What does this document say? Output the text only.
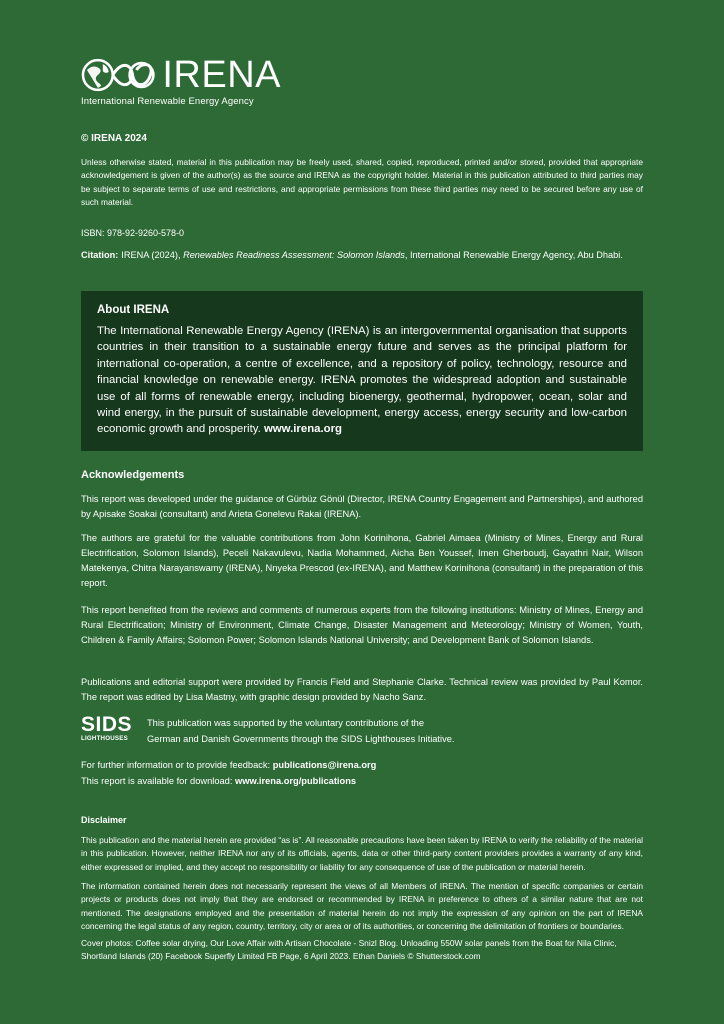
IRENA
International Renewable Energy Agency
© IRENA 2024

Unless otherwise stated, material in this publication may be freely used, shared, copied, reproduced, printed and/or stored, provided that appropriate acknowledgement is given of the author(s) as the source and IRENA as the copyright holder. Material in this publication attributed to third parties may be subject to separate terms of use and restrictions, and appropriate permissions from these third parties may need to be secured before any use of such material.

ISBN: 978-92-9260-578-0
Citation: IRENA (2024), Renewables Readiness Assessment: Solomon Islands, International Renewable Energy Agency, Abu Dhabi.
About IRENA

The International Renewable Energy Agency (IRENA) is an intergovernmental organisation that supports countries in their transition to a sustainable energy future and serves as the principal platform for international co-operation, a centre of excellence, and a repository of policy, technology, resource and financial knowledge on renewable energy. IRENA promotes the widespread adoption and sustainable use of all forms of renewable energy, including bioenergy, geothermal, hydropower, ocean, solar and wind energy, in the pursuit of sustainable development, energy access, energy security and low-carbon economic growth and prosperity. www.irena.org

Acknowledgements

This report was developed under the guidance of Gürbüz Gönül (Director, IRENA Country Engagement and Partnerships), and authored by Apisake Soakai (consultant) and Arieta Gonelevu Rakai (IRENA).

The authors are grateful for the valuable contributions from John Korinihona, Gabriel Aimaea (Ministry of Mines, Energy and Rural Electrification, Solomon Islands), Peceli Nakavulevu, Nadia Mohammed, Aicha Ben Youssef, Imen Gherboudj, Gayathri Nair, Wilson Matekenya, Chitra Narayanswamy (IRENA), Nnyeka Prescod (ex-IRENA), and Matthew Korinihona (consultant) in the preparation of this report.

This report benefited from the reviews and comments of numerous experts from the following institutions: Ministry of Mines, Energy and Rural Electrification; Ministry of Environment, Climate Change, Disaster Management and Meteorology; Ministry of Women, Youth, Children & Family Affairs; Solomon Power; Solomon Islands National University; and Development Bank of Solomon Islands.

Publications and editorial support were provided by Francis Field and Stephanie Clarke. Technical review was provided by Paul Komor. The report was edited by Lisa Mastny, with graphic design provided by Nacho Sanz.

SIDS
LIGHTHOUSES
This publication was supported by the voluntary contributions of the
German and Danish Governments through the SIDS Lighthouses Initiative.
For further information or to provide feedback: publications@irena.org
This report is available for download: www.irena.org/publications
Disclaimer

This publication and the material herein are provided “as is”. All reasonable precautions have been taken by IRENA to verify the reliability of the material in this publication. However, neither IRENA nor any of its officials, agents, data or other third-party content providers provides a warranty of any kind, either expressed or implied, and they accept no responsibility or liability for any consequence of use of the publication or material herein.

The information contained herein does not necessarily represent the views of all Members of IRENA. The mention of specific companies or certain projects or products does not imply that they are endorsed or recommended by IRENA in preference to others of a similar nature that are not mentioned. The designations employed and the presentation of material herein do not imply the expression of any opinion on the part of IRENA concerning the legal status of any region, country, territory, city or area or of its authorities, or concerning the delimitation of frontiers or boundaries.

Cover photos: Coffee solar drying, Our Love Affair with Artisan Chocolate - Snizl Blog. Unloading 550W solar panels from the Boat for Nila Clinic, Shortland Islands (20) Facebook Superfly Limited FB Page, 6 April 2023. Ethan Daniels © Shutterstock.com
